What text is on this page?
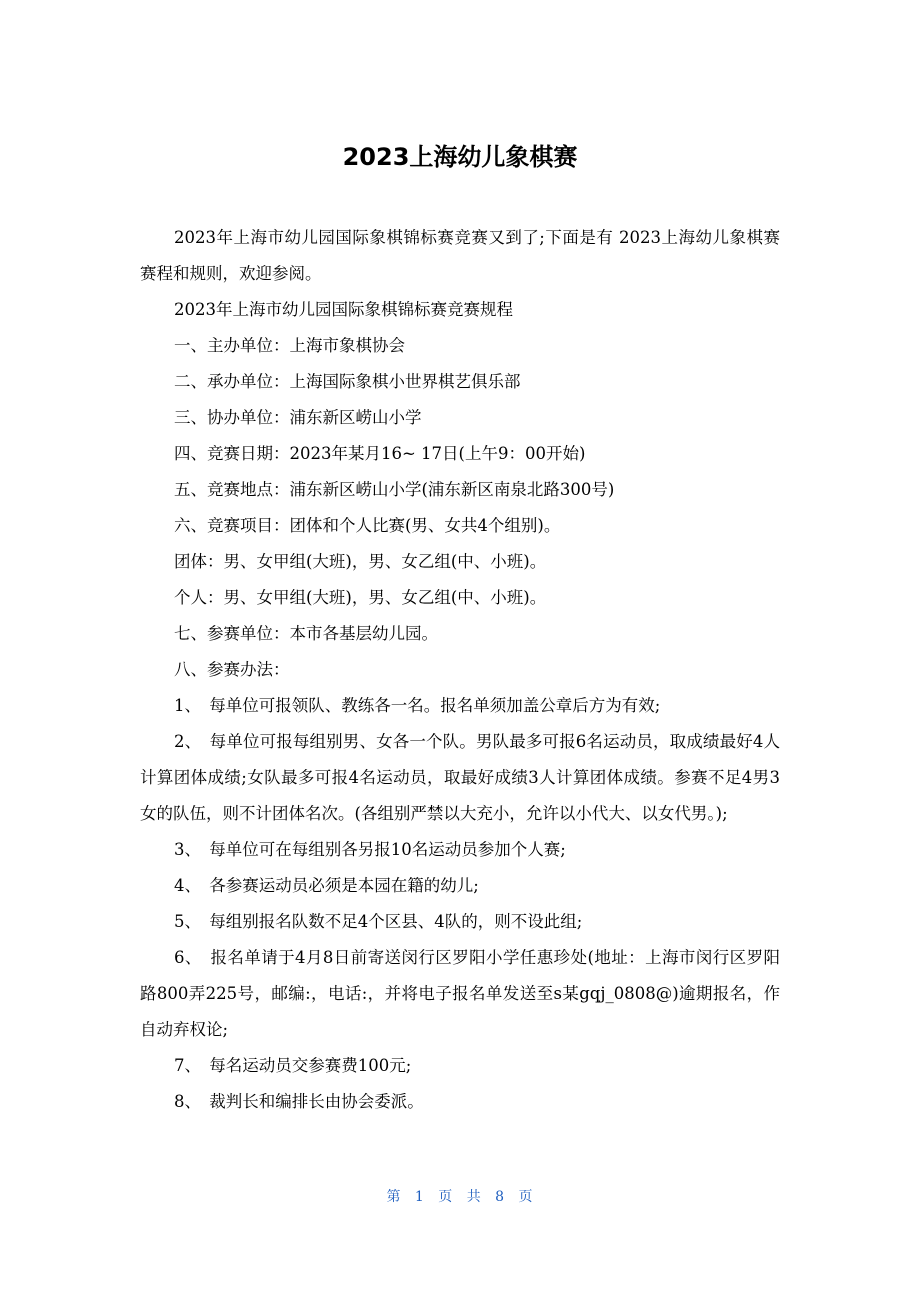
2023上海幼儿象棋赛

2023年上海市幼儿园国际象棋锦标赛竞赛又到了;下面是有 2023上海幼儿象棋赛赛程和规则，欢迎参阅。

2023年上海市幼儿园国际象棋锦标赛竞赛规程

一、主办单位：上海市象棋协会

二、承办单位：上海国际象棋小世界棋艺俱乐部

三、协办单位：浦东新区崂山小学

四、竞赛日期：2023年某月16~ 17日(上午9：00开始)

五、竞赛地点：浦东新区崂山小学(浦东新区南泉北路300号)

六、竞赛项目：团体和个人比赛(男、女共4个组别)。

团体：男、女甲组(大班)，男、女乙组(中、小班)。

个人：男、女甲组(大班)，男、女乙组(中、小班)。

七、参赛单位：本市各基层幼儿园。

八、参赛办法：

1、　每单位可报领队、教练各一名。报名单须加盖公章后方为有效;

2、　每单位可报每组别男、女各一个队。男队最多可报6名运动员，取成绩最好4人计算团体成绩;女队最多可报4名运动员，取最好成绩3人计算团体成绩。参赛不足4男3女的队伍，则不计团体名次。(各组别严禁以大充小，允许以小代大、以女代男。);

3、　每单位可在每组别各另报10名运动员参加个人赛;

4、　各参赛运动员必须是本园在籍的幼儿;

5、　每组别报名队数不足4个区县、4队的，则不设此组;

6、　报名单请于4月8日前寄送闵行区罗阳小学任惠珍处(地址：上海市闵行区罗阳路800弄225号，邮编:，电话:，并将电子报名单发送至s某gqj_0808@)逾期报名，作自动弃权论;

7、　每名运动员交参赛费100元;

8、　裁判长和编排长由协会委派。

第 1 页 共 8 页
